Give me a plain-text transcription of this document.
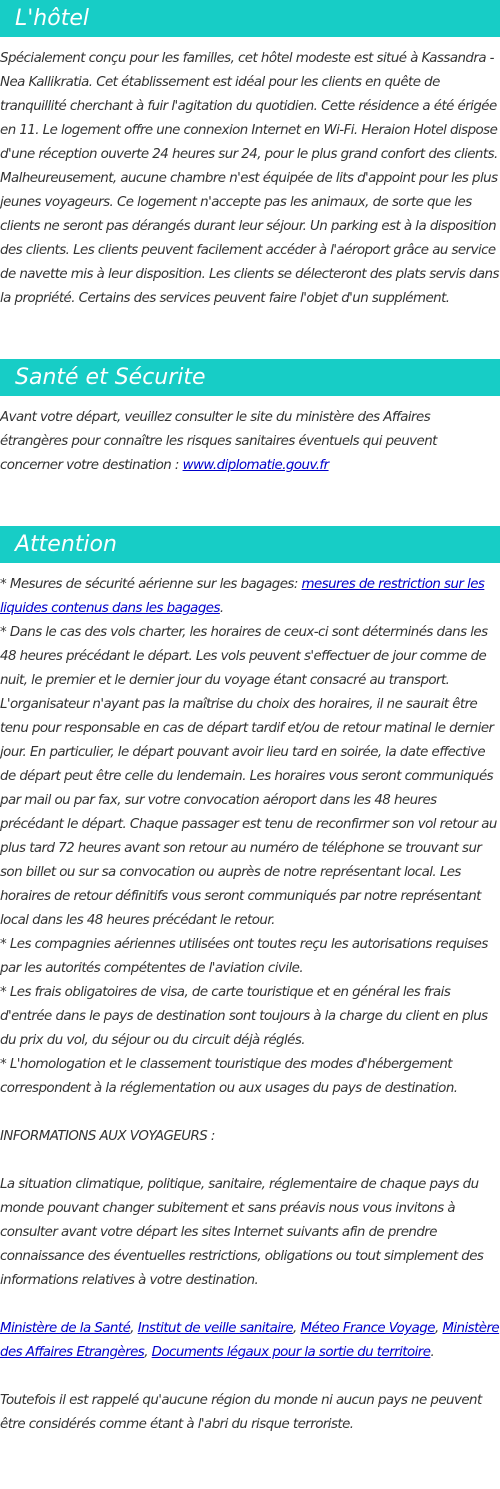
L'hôtel

Spécialement conçu pour les familles, cet hôtel modeste est situé à Kassandra - Nea Kallikratia. Cet établissement est idéal pour les clients en quête de tranquillité cherchant à fuir l'agitation du quotidien. Cette résidence a été érigée en 11. Le logement offre une connexion Internet en Wi-Fi. Heraion Hotel dispose d'une réception ouverte 24 heures sur 24, pour le plus grand confort des clients. Malheureusement, aucune chambre n'est équipée de lits d'appoint pour les plus jeunes voyageurs. Ce logement n'accepte pas les animaux, de sorte que les clients ne seront pas dérangés durant leur séjour. Un parking est à la disposition des clients. Les clients peuvent facilement accéder à l'aéroport grâce au service de navette mis à leur disposition. Les clients se délecteront des plats servis dans la propriété. Certains des services peuvent faire l'objet d'un supplément.

Santé et Sécurite

Avant votre départ, veuillez consulter le site du ministère des Affaires étrangères pour connaître les risques sanitaires éventuels qui peuvent concerner votre destination : www.diplomatie.gouv.fr

Attention
* Mesures de sécurité aérienne sur les bagages: mesures de restriction sur les liquides contenus dans les bagages.
* Dans le cas des vols charter, les horaires de ceux-ci sont déterminés dans les 48 heures précédant le départ. Les vols peuvent s'effectuer de jour comme de nuit, le premier et le dernier jour du voyage étant consacré au transport. L'organisateur n'ayant pas la maîtrise du choix des horaires, il ne saurait être tenu pour responsable en cas de départ tardif et/ou de retour matinal le dernier jour. En particulier, le départ pouvant avoir lieu tard en soirée, la date effective de départ peut être celle du lendemain. Les horaires vous seront communiqués par mail ou par fax, sur votre convocation aéroport dans les 48 heures précédant le départ. Chaque passager est tenu de reconfirmer son vol retour au plus tard 72 heures avant son retour au numéro de téléphone se trouvant sur son billet ou sur sa convocation ou auprès de notre représentant local. Les horaires de retour définitifs vous seront communiqués par notre représentant local dans les 48 heures précédant le retour.
* Les compagnies aériennes utilisées ont toutes reçu les autorisations requises par les autorités compétentes de l'aviation civile.
* Les frais obligatoires de visa, de carte touristique et en général les frais d'entrée dans le pays de destination sont toujours à la charge du client en plus du prix du vol, du séjour ou du circuit déjà réglés.
* L'homologation et le classement touristique des modes d'hébergement correspondent à la réglementation ou aux usages du pays de destination.
INFORMATIONS AUX VOYAGEURS :
La situation climatique, politique, sanitaire, réglementaire de chaque pays du monde pouvant changer subitement et sans préavis nous vous invitons à consulter avant votre départ les sites Internet suivants afin de prendre connaissance des éventuelles restrictions, obligations ou tout simplement des informations relatives à votre destination.
Ministère de la Santé, Institut de veille sanitaire, Méteo France Voyage, Ministère des Affaires Etrangères, Documents légaux pour la sortie du territoire.
Toutefois il est rappelé qu'aucune région du monde ni aucun pays ne peuvent être considérés comme étant à l'abri du risque terroriste.
